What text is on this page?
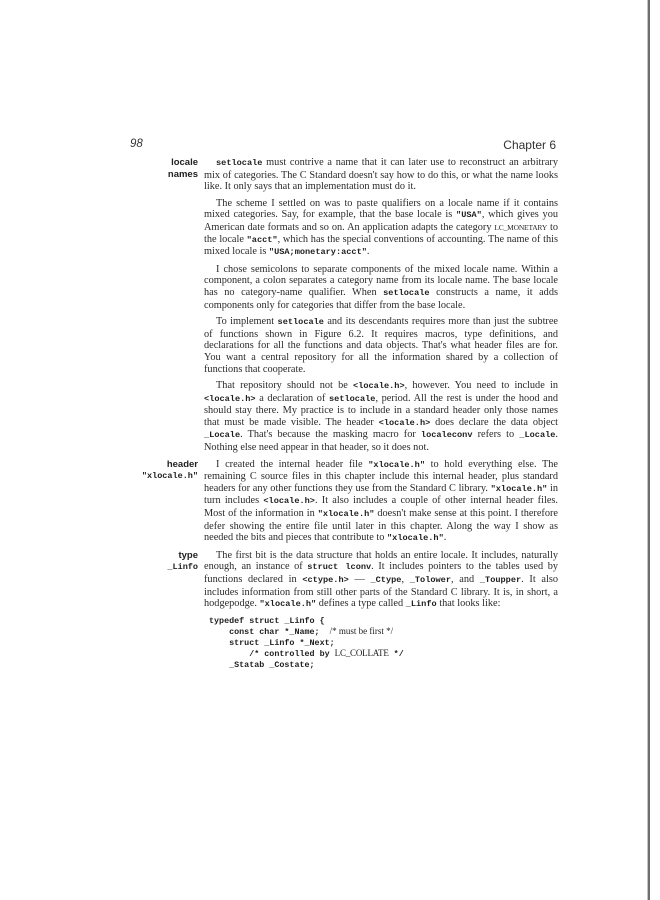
98	Chapter 6

locale
names
setlocale must contrive a name that it can later use to reconstruct an arbitrary mix of categories. The C Standard doesn't say how to do this, or what the name looks like. It only says that an implementation must do it.

The scheme I settled on was to paste qualifiers on a locale name if it contains mixed categories. Say, for example, that the base locale is "USA", which gives you American date formats and so on. An application adapts the category LC_MONETARY to the locale "acct", which has the special conventions of accounting. The name of this mixed locale is "USA;monetary:acct".

I chose semicolons to separate components of the mixed locale name. Within a component, a colon separates a category name from its locale name. The base locale has no category-name qualifier. When setlocale constructs a name, it adds components only for categories that differ from the base locale.

To implement setlocale and its descendants requires more than just the subtree of functions shown in Figure 6.2. It requires macros, type definitions, and declarations for all the functions and data objects. That's what header files are for. You want a central repository for all the information shared by a collection of functions that cooperate.

That repository should not be <locale.h>, however. You need to include in <locale.h> a declaration of setlocale, period. All the rest is under the hood and should stay there. My practice is to include in a standard header only those names that must be made visible. The header <locale.h> does declare the data object _Locale. That's because the masking macro for localeconv refers to _Locale. Nothing else need appear in that header, so it does not.

header
"xlocale.h"
I created the internal header file "xlocale.h" to hold everything else. The remaining C source files in this chapter include this internal header, plus standard headers for any other functions they use from the Standard C library. "xlocale.h" in turn includes <locale.h>. It also includes a couple of other internal header files. Most of the information in "xlocale.h" doesn't make sense at this point. I therefore defer showing the entire file until later in this chapter. Along the way I show as needed the bits and pieces that contribute to "xlocale.h".

type
_Linfo
The first bit is the data structure that holds an entire locale. It includes, naturally enough, an instance of struct lconv. It includes pointers to the tables used by functions declared in <ctype.h> — _Ctype, _Tolower, and _Toupper. It also includes information from still other parts of the Standard C library. It is, in short, a hodgepodge. "xlocale.h" defines a type called _Linfo that looks like:

typedef struct _Linfo {
const char *_Name;  /* must be first */
struct _Linfo *_Next;
/* controlled by LC_COLLATE */
_Statab _Costate;
